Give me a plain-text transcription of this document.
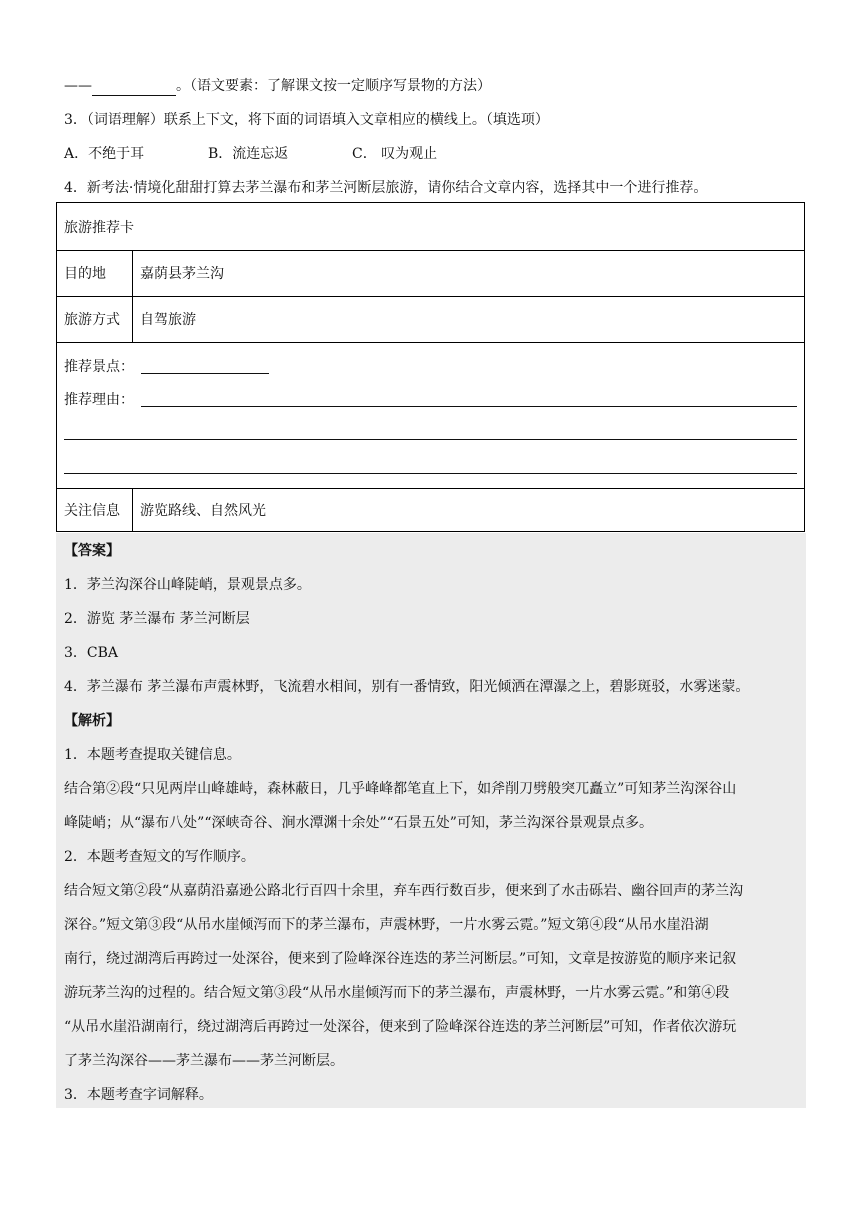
——	。（语文要素：了解课文按一定顺序写景物的方法）
3．（词语理解）联系上下文，将下面的词语填入文章相应的横线上。（填选项）
A．不绝于耳	B．流连忘返	C． 叹为观止
4．新考法·情境化甜甜打算去茅兰瀑布和茅兰河断层旅游，请你结合文章内容，选择其中一个进行推荐。
旅游推荐卡
目的地	嘉荫县茅兰沟
旅游方式	自驾旅游
推荐景点：
推荐理由：
关注信息	游览路线、自然风光
【答案】
1．茅兰沟深谷山峰陡峭，景观景点多。
2．游览 茅兰瀑布 茅兰河断层
3．CBA
4．茅兰瀑布 茅兰瀑布声震林野，飞流碧水相间，别有一番情致，阳光倾洒在潭瀑之上，碧影斑驳，水雾迷蒙。
【解析】
1．本题考查提取关键信息。
结合第②段“只见两岸山峰雄峙，森林蔽日，几乎峰峰都笔直上下，如斧削刀劈般突兀矗立”可知茅兰沟深谷山
峰陡峭；从“瀑布八处”“深峡奇谷、涧水潭渊十余处”“石景五处”可知，茅兰沟深谷景观景点多。
2．本题考查短文的写作顺序。
结合短文第②段“从嘉荫沿嘉逊公路北行百四十余里，弃车西行数百步，便来到了水击砾岩、幽谷回声的茅兰沟
深谷。”短文第③段“从吊水崖倾泻而下的茅兰瀑布，声震林野，一片水雾云霓。”短文第④段“从吊水崖沿湖
南行，绕过湖湾后再跨过一处深谷，便来到了险峰深谷连迭的茅兰河断层。”可知，文章是按游览的顺序来记叙
游玩茅兰沟的过程的。结合短文第③段“从吊水崖倾泻而下的茅兰瀑布，声震林野，一片水雾云霓。”和第④段
“从吊水崖沿湖南行，绕过湖湾后再跨过一处深谷，便来到了险峰深谷连迭的茅兰河断层”可知，作者依次游玩
了茅兰沟深谷——茅兰瀑布——茅兰河断层。
3．本题考查字词解释。
